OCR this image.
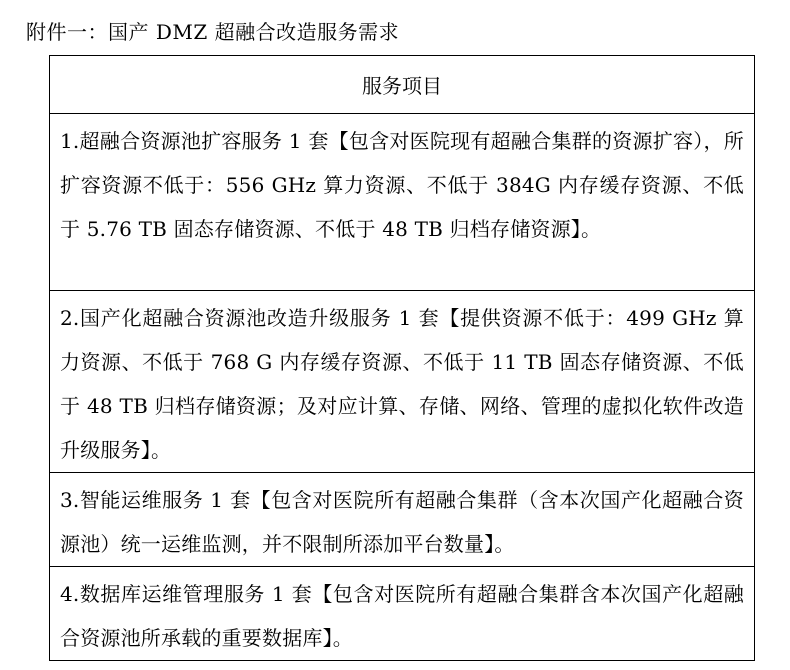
附件一：国产 DMZ 超融合改造服务需求
服务项目
1.超融合资源池扩容服务 1 套【包含对医院现有超融合集群的资源扩容），所扩容资源不低于：556 GHz 算力资源、不低于 384G 内存缓存资源、不低于 5.76 TB 固态存储资源、不低于 48 TB 归档存储资源】。
2.国产化超融合资源池改造升级服务 1 套【提供资源不低于：499 GHz 算力资源、不低于 768 G 内存缓存资源、不低于 11 TB 固态存储资源、不低于 48 TB 归档存储资源；及对应计算、存储、网络、管理的虚拟化软件改造升级服务】。
3.智能运维服务 1 套【包含对医院所有超融合集群（含本次国产化超融合资源池）统一运维监测，并不限制所添加平台数量】。
4.数据库运维管理服务 1 套【包含对医院所有超融合集群含本次国产化超融合资源池所承载的重要数据库】。
